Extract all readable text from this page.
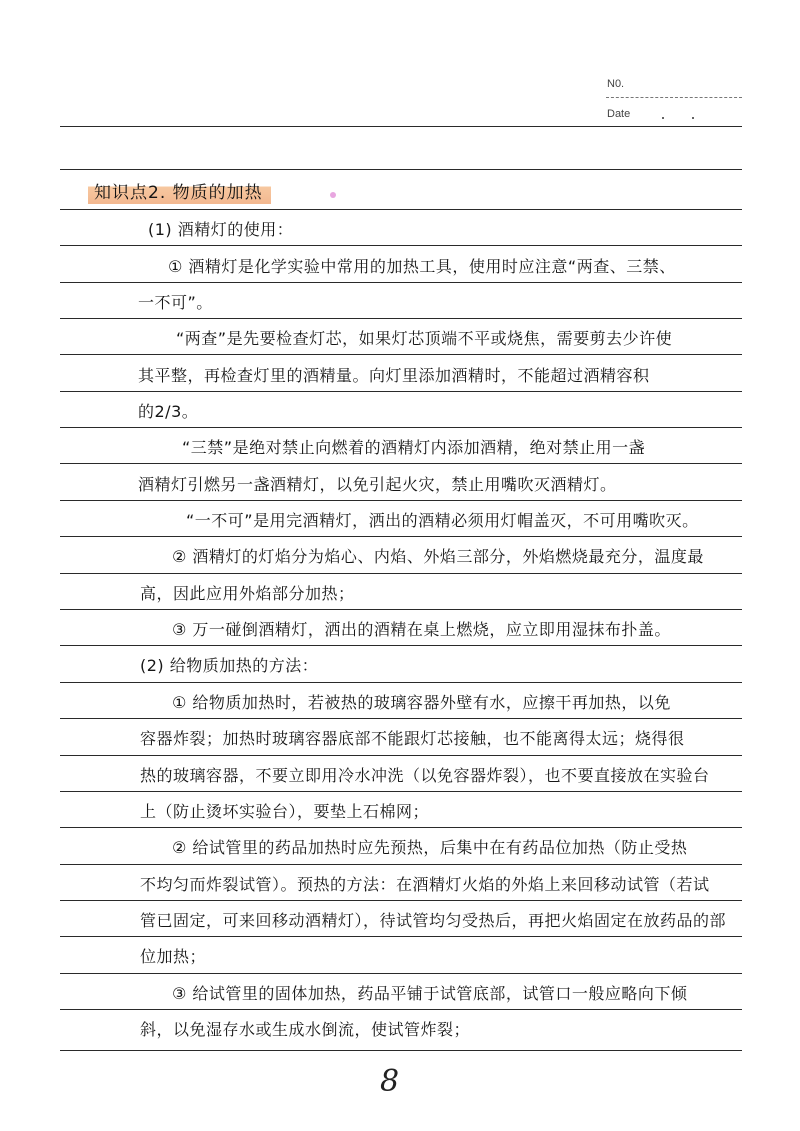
N0.
Date
知识点2. 物质的加热
(1) 酒精灯的使用：
① 酒精灯是化学实验中常用的加热工具，使用时应注意“两查、三禁、
一不可”。
“两查”是先要检查灯芯，如果灯芯顶端不平或烧焦，需要剪去少许使
其平整，再检查灯里的酒精量。向灯里添加酒精时，不能超过酒精容积
的2/3。
“三禁”是绝对禁止向燃着的酒精灯内添加酒精，绝对禁止用一盏
酒精灯引燃另一盏酒精灯，以免引起火灾，禁止用嘴吹灭酒精灯。
“一不可”是用完酒精灯，洒出的酒精必须用灯帽盖灭，不可用嘴吹灭。
② 酒精灯的灯焰分为焰心、内焰、外焰三部分，外焰燃烧最充分，温度最
高，因此应用外焰部分加热；
③ 万一碰倒酒精灯，洒出的酒精在桌上燃烧，应立即用湿抹布扑盖。
(2) 给物质加热的方法：
① 给物质加热时，若被热的玻璃容器外壁有水，应擦干再加热，以免
容器炸裂；加热时玻璃容器底部不能跟灯芯接触，也不能离得太远；烧得很
热的玻璃容器，不要立即用冷水冲洗（以免容器炸裂），也不要直接放在实验台
上（防止烫坏实验台），要垫上石棉网；
② 给试管里的药品加热时应先预热，后集中在有药品位加热（防止受热
不均匀而炸裂试管）。预热的方法：在酒精灯火焰的外焰上来回移动试管（若试
管已固定，可来回移动酒精灯），待试管均匀受热后，再把火焰固定在放药品的部
位加热；
③ 给试管里的固体加热，药品平铺于试管底部，试管口一般应略向下倾
斜，以免湿存水或生成水倒流，使试管炸裂；
8
